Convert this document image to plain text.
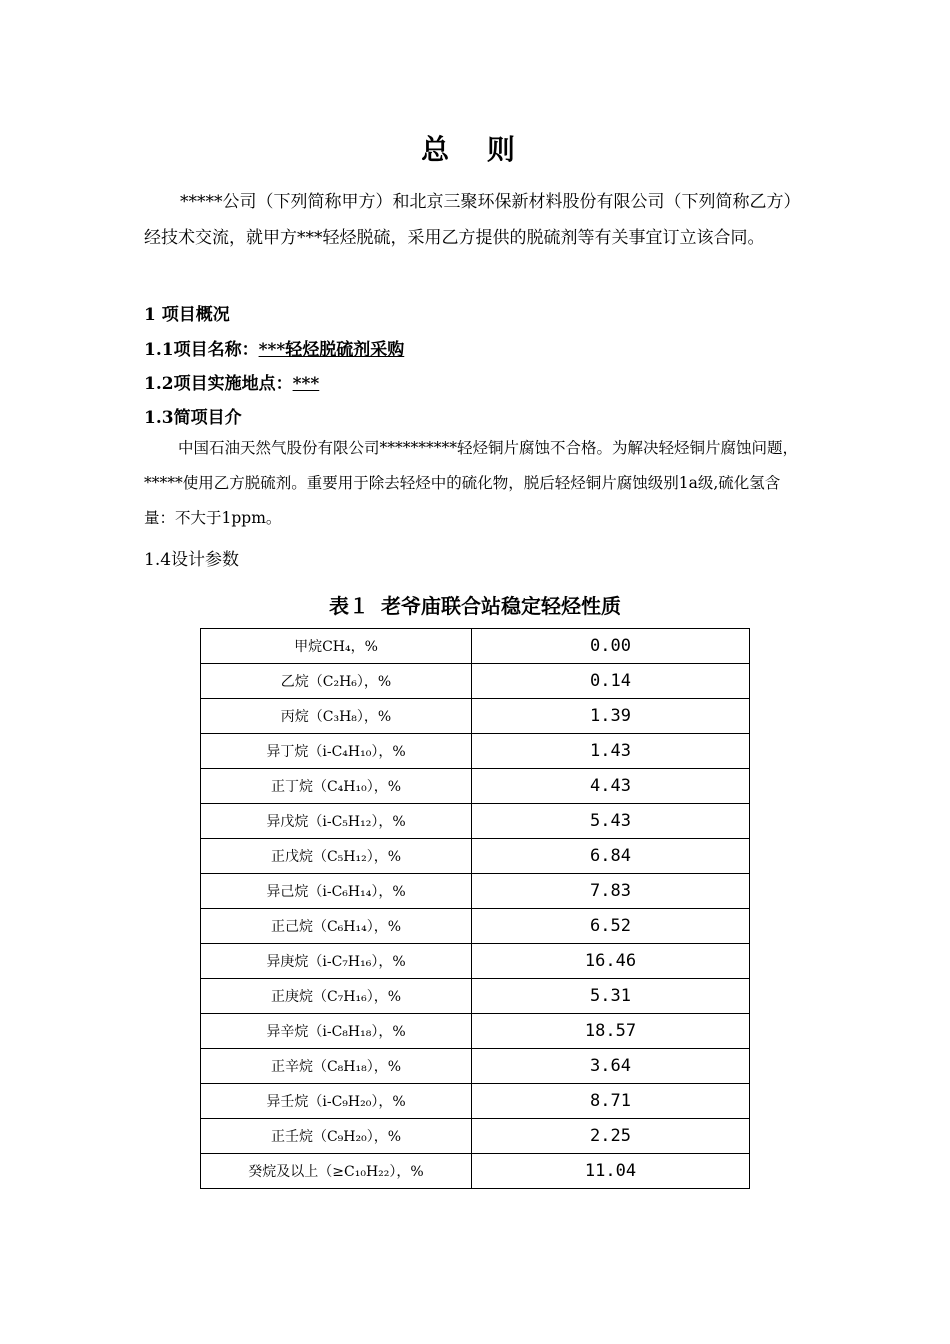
总 则

*****公司（下列简称甲方）和北京三聚环保新材料股份有限公司（下列简称乙方）经技术交流，就甲方***轻烃脱硫，采用乙方提供的脱硫剂等有关事宜订立该合同。

1 项目概况

1.1项目名称：***轻烃脱硫剂采购

1.2项目实施地点：***

1.3简项目介

中国石油天然气股份有限公司**********轻烃铜片腐蚀不合格。为解决轻烃铜片腐蚀问题，*****使用乙方脱硫剂。重要用于除去轻烃中的硫化物，脱后轻烃铜片腐蚀级别1a级,硫化氢含量：不大于1ppm。

1.4设计参数

表１ 老爷庙联合站稳定轻烃性质
甲烷CH₄，%	0.00
乙烷（C₂H₆），%	0.14
丙烷（C₃H₈），%	1.39
异丁烷（i-C₄H₁₀），%	1.43
正丁烷（C₄H₁₀），%	4.43
异戊烷（i-C₅H₁₂），%	5.43
正戊烷（C₅H₁₂），%	6.84
异己烷（i-C₆H₁₄），%	7.83
正己烷（C₆H₁₄），%	6.52
异庚烷（i-C₇H₁₆），%	16.46
正庚烷（C₇H₁₆），%	5.31
异辛烷（i-C₈H₁₈），%	18.57
正辛烷（C₈H₁₈），%	3.64
异壬烷（i-C₉H₂₀），%	8.71
正壬烷（C₉H₂₀），%	2.25
癸烷及以上（≥C₁₀H₂₂），%	11.04
